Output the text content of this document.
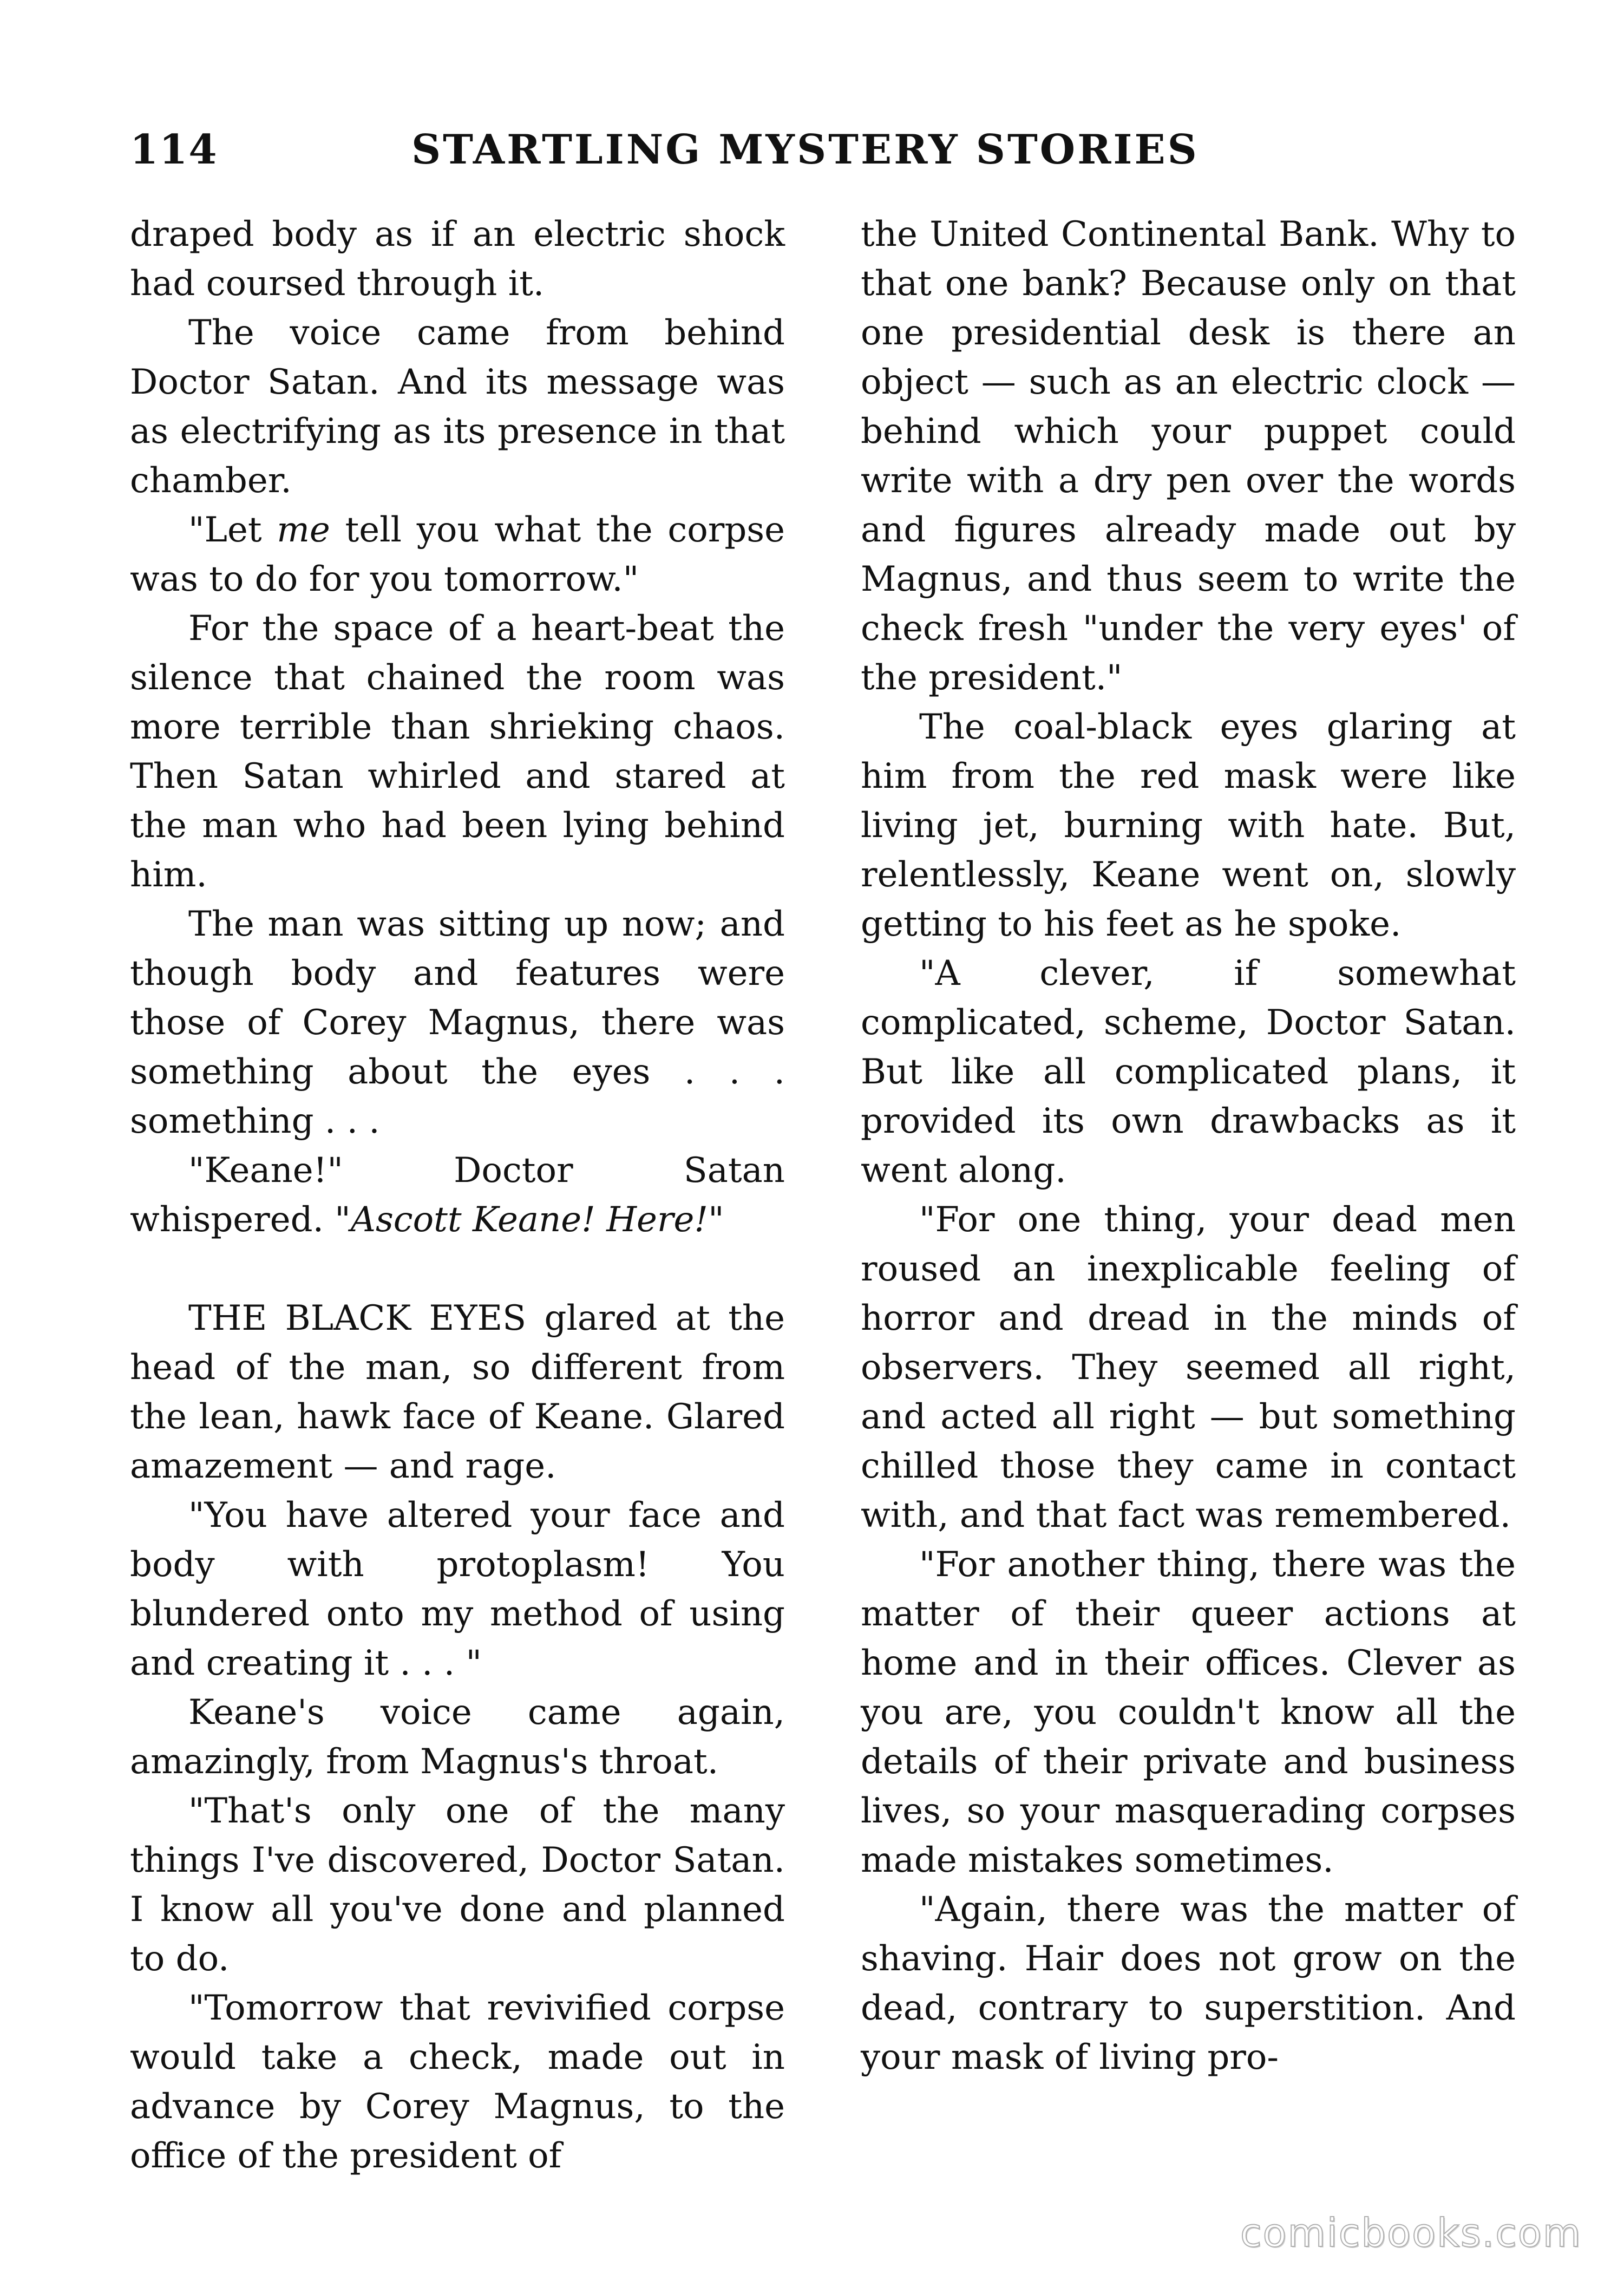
114	STARTLING MYSTERY STORIES

draped body as if an electric shock had coursed through it.

The voice came from behind Doctor Satan. And its message was as electrifying as its presence in that chamber.

"Let me tell you what the corpse was to do for you tomorrow."

For the space of a heart-beat the silence that chained the room was more terrible than shrieking chaos. Then Satan whirled and stared at the man who had been lying behind him.

The man was sitting up now; and though body and features were those of Corey Magnus, there was something about the eyes . . . something . . .

"Keane!" Doctor Satan whispered. "Ascott Keane! Here!"

THE BLACK EYES glared at the head of the man, so different from the lean, hawk face of Keane. Glared amazement — and rage.

"You have altered your face and body with protoplasm! You blundered onto my method of using and creating it . . . "

Keane's voice came again, amazingly, from Magnus's throat.

"That's only one of the many things I've discovered, Doctor Satan. I know all you've done and planned to do.

"Tomorrow that revivified corpse would take a check, made out in advance by Corey Magnus, to the office of the president of

the United Continental Bank. Why to that one bank? Because only on that one presidential desk is there an object — such as an electric clock — behind which your puppet could write with a dry pen over the words and figures already made out by Magnus, and thus seem to write the check fresh "under the very eyes' of the president."

The coal-black eyes glaring at him from the red mask were like living jet, burning with hate. But, relentlessly, Keane went on, slowly getting to his feet as he spoke.

"A clever, if somewhat complicated, scheme, Doctor Satan. But like all complicated plans, it provided its own drawbacks as it went along.

"For one thing, your dead men roused an inexplicable feeling of horror and dread in the minds of observers. They seemed all right, and acted all right — but something chilled those they came in contact with, and that fact was remembered.

"For another thing, there was the matter of their queer actions at home and in their offices. Clever as you are, you couldn't know all the details of their private and business lives, so your masquerading corpses made mistakes sometimes.

"Again, there was the matter of shaving. Hair does not grow on the dead, contrary to superstition. And your mask of living pro-

comicbooks.com
